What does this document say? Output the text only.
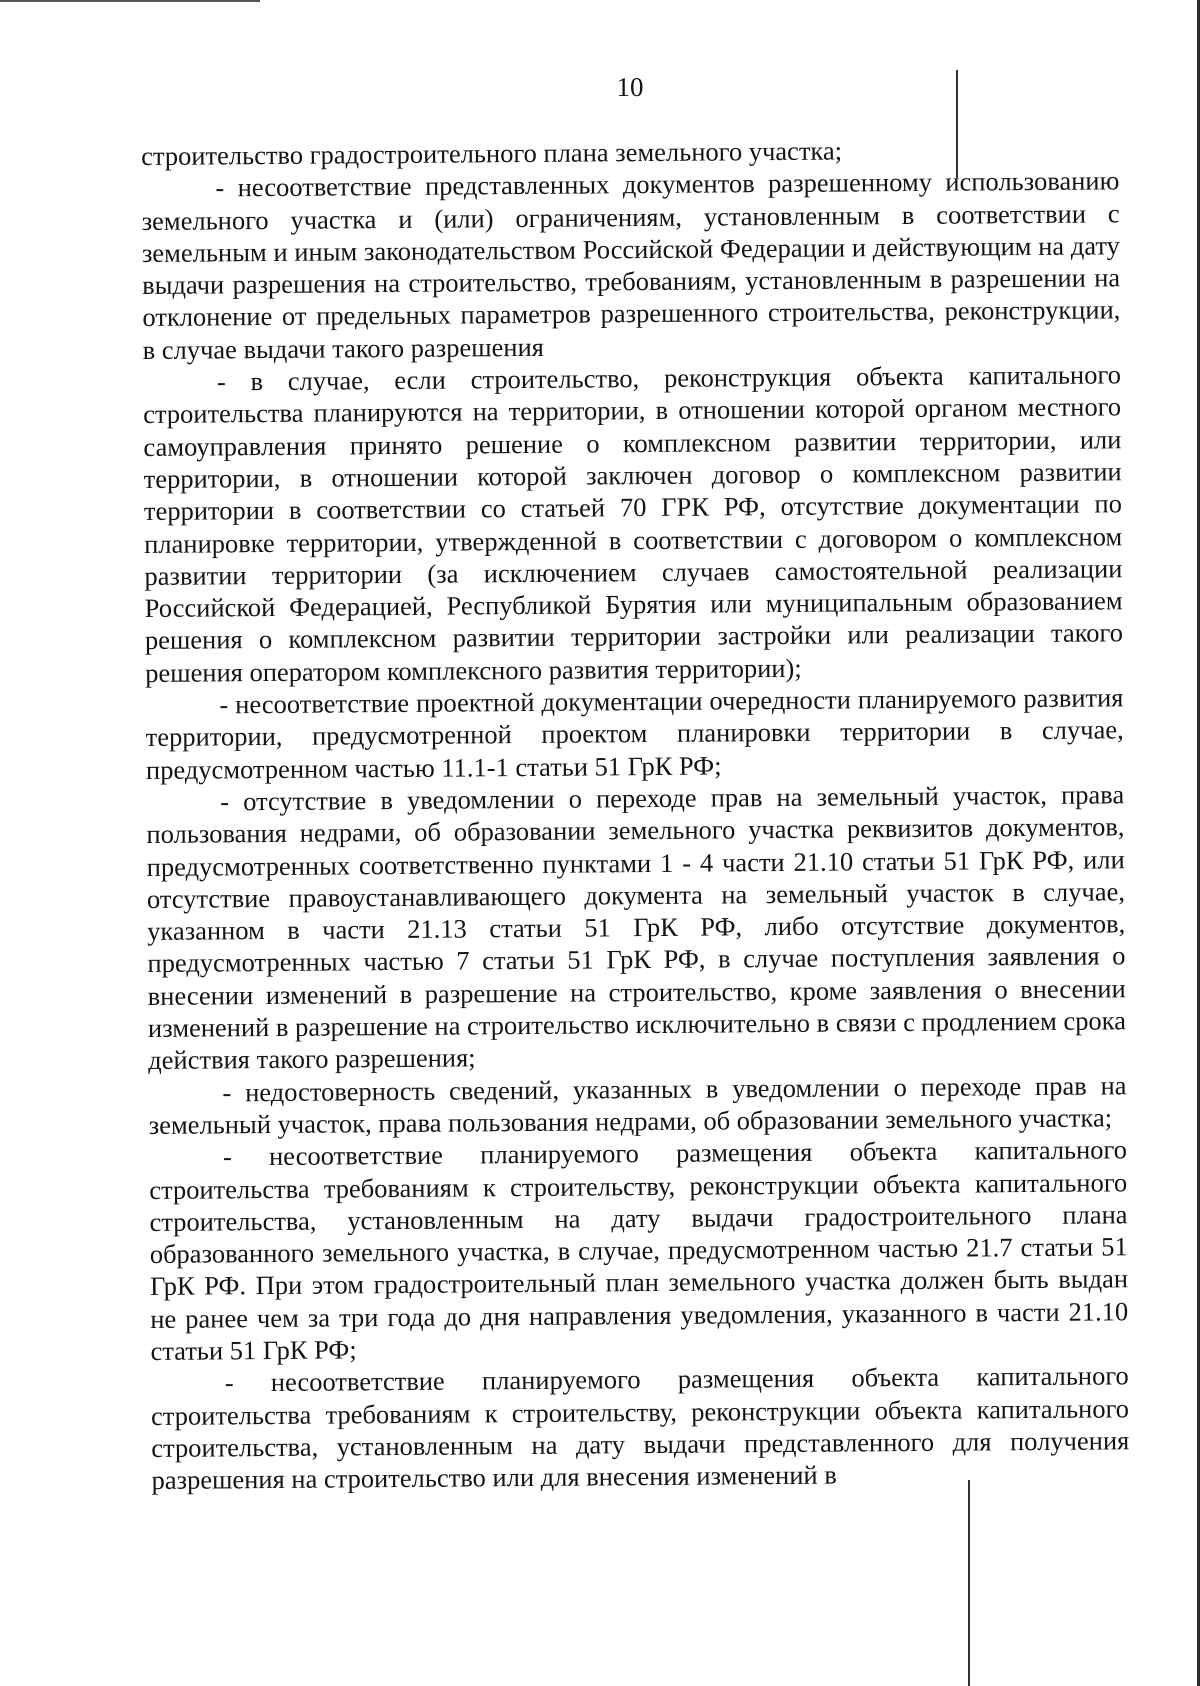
10

строительство градостроительного плана земельного участка;

- несоответствие представленных документов разрешенному использованию земельного участка и (или) ограничениям, установленным в соответствии с земельным и иным законодательством Российской Федерации и действующим на дату выдачи разрешения на строительство, требованиям, установленным в разрешении на отклонение от предельных параметров разрешенного строительства, реконструкции, в случае выдачи такого разрешения

- в случае, если строительство, реконструкция объекта капитального строительства планируются на территории, в отношении которой органом местного самоуправления принято решение о комплексном развитии территории, или территории, в отношении которой заключен договор о комплексном развитии территории в соответствии со статьей 70 ГРК РФ, отсутствие документации по планировке территории, утвержденной в соответствии с договором о комплексном развитии территории (за исключением случаев самостоятельной реализации Российской Федерацией, Республикой Бурятия или муниципальным образованием решения о комплексном развитии территории застройки или реализации такого решения оператором комплексного развития территории);

- несоответствие проектной документации очередности планируемого развития территории, предусмотренной проектом планировки территории в случае, предусмотренном частью 11.1-1 статьи 51 ГрК РФ;

- отсутствие в уведомлении о переходе прав на земельный участок, права пользования недрами, об образовании земельного участка реквизитов документов, предусмотренных соответственно пунктами 1 - 4 части 21.10 статьи 51 ГрК РФ, или отсутствие правоустанавливающего документа на земельный участок в случае, указанном в части 21.13 статьи 51 ГрК РФ, либо отсутствие документов, предусмотренных частью 7 статьи 51 ГрК РФ, в случае поступления заявления о внесении изменений в разрешение на строительство, кроме заявления о внесении изменений в разрешение на строительство исключительно в связи с продлением срока действия такого разрешения;

- недостоверность сведений, указанных в уведомлении о переходе прав на земельный участок, права пользования недрами, об образовании земельного участка;

- несоответствие планируемого размещения объекта капитального строительства требованиям к строительству, реконструкции объекта капитального строительства, установленным на дату выдачи градостроительного плана образованного земельного участка, в случае, предусмотренном частью 21.7 статьи 51 ГрК РФ. При этом градостроительный план земельного участка должен быть выдан не ранее чем за три года до дня направления уведомления, указанного в части 21.10 статьи 51 ГрК РФ;

- несоответствие планируемого размещения объекта капитального строительства требованиям к строительству, реконструкции объекта капитального строительства, установленным на дату выдачи представленного для получения разрешения на строительство или для внесения изменений в
